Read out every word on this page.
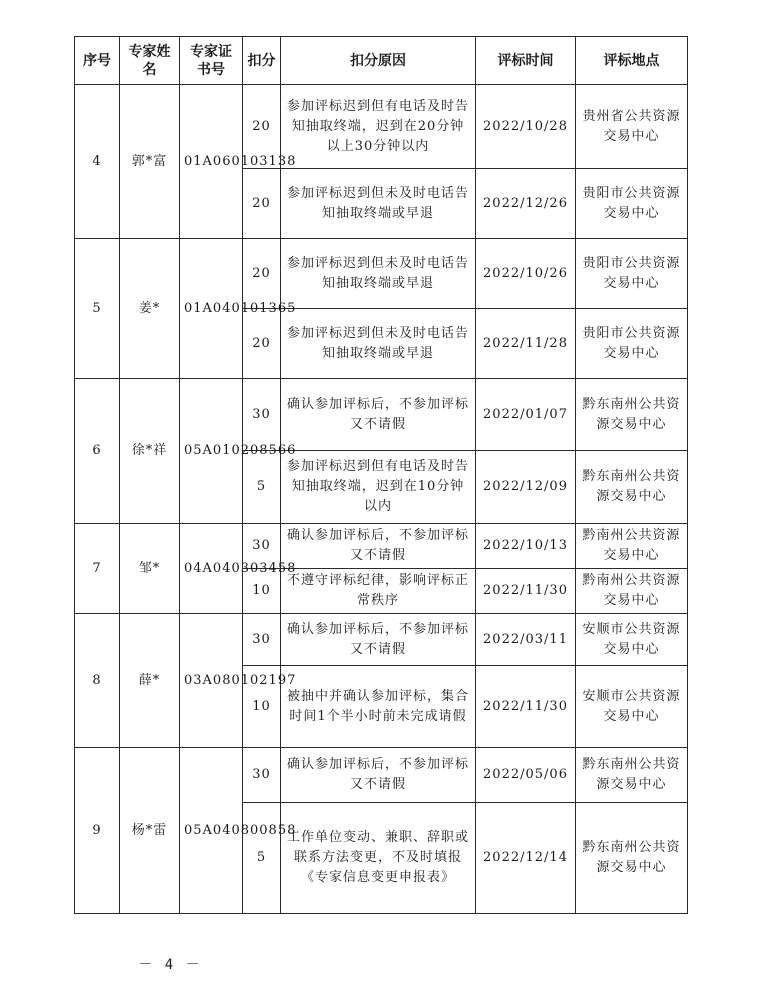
序号	专家姓名	专家证书号	扣分	扣分原因	评标时间	评标地点
4	郭*富	01A060103138	20	参加评标迟到但有电话及时告知抽取终端，迟到在20分钟以上30分钟以内	2022/10/28	贵州省公共资源交易中心
			20	参加评标迟到但未及时电话告知抽取终端或早退	2022/12/26	贵阳市公共资源交易中心
5	姜*	01A040101365	20	参加评标迟到但未及时电话告知抽取终端或早退	2022/10/26	贵阳市公共资源交易中心
			20	参加评标迟到但未及时电话告知抽取终端或早退	2022/11/28	贵阳市公共资源交易中心
6	徐*祥	05A010208566	30	确认参加评标后，不参加评标又不请假	2022/01/07	黔东南州公共资源交易中心
			5	参加评标迟到但有电话及时告知抽取终端，迟到在10分钟以内	2022/12/09	黔东南州公共资源交易中心
7	邹*	04A040303458	30	确认参加评标后，不参加评标又不请假	2022/10/13	黔南州公共资源交易中心
			10	不遵守评标纪律，影响评标正常秩序	2022/11/30	黔南州公共资源交易中心
8	薛*	03A080102197	30	确认参加评标后，不参加评标又不请假	2022/03/11	安顺市公共资源交易中心
			10	被抽中并确认参加评标，集合时间1个半小时前未完成请假	2022/11/30	安顺市公共资源交易中心
9	杨*雷	05A040800858	30	确认参加评标后，不参加评标又不请假	2022/05/06	黔东南州公共资源交易中心
			5	工作单位变动、兼职、辞职或联系方法变更，不及时填报《专家信息变更申报表》	2022/12/14	黔东南州公共资源交易中心
－ 4 －
